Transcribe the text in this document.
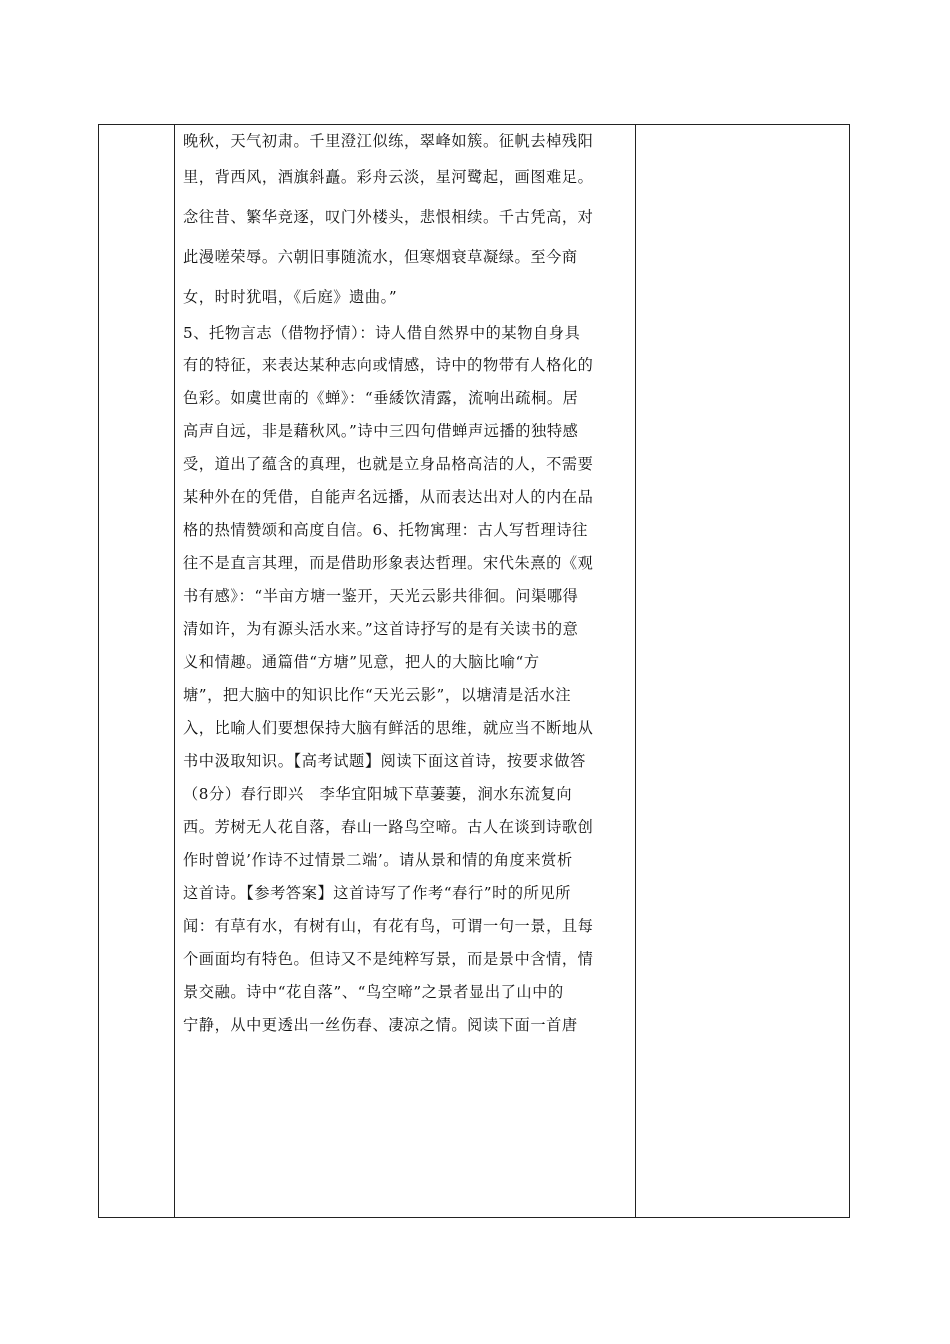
晚秋，天气初肃。千里澄江似练，翠峰如簇。征帆去棹残阳
里，背西风，酒旗斜矗。彩舟云淡，星河鹭起，画图难足。
念往昔、繁华竞逐，叹门外楼头，悲恨相续。千古凭高，对
此漫嗟荣辱。六朝旧事随流水，但寒烟衰草凝绿。至今商
女，时时犹唱，《后庭》遗曲。”
5、托物言志（借物抒情）：诗人借自然界中的某物自身具
有的特征，来表达某种志向或情感，诗中的物带有人格化的
色彩。如虞世南的《蝉》：“垂緌饮清露，流响出疏桐。居
高声自远，非是藉秋风。”诗中三四句借蝉声远播的独特感
受，道出了蕴含的真理，也就是立身品格高洁的人，不需要
某种外在的凭借，自能声名远播，从而表达出对人的内在品
格的热情赞颂和高度自信。6、托物寓理：古人写哲理诗往
往不是直言其理，而是借助形象表达哲理。宋代朱熹的《观
书有感》：“半亩方塘一鉴开，天光云影共徘徊。问渠哪得
清如许，为有源头活水来。”这首诗抒写的是有关读书的意
义和情趣。通篇借“方塘”见意，把人的大脑比喻“方
塘”，把大脑中的知识比作“天光云影”，以塘清是活水注
入，比喻人们要想保持大脑有鲜活的思维，就应当不断地从
书中汲取知识。【高考试题】阅读下面这首诗，按要求做答
（8分）春行即兴　李华宜阳城下草萋萋，涧水东流复向
西。芳树无人花自落，春山一路鸟空啼。古人在谈到诗歌创
作时曾说’作诗不过情景二端’。请从景和情的角度来赏析
这首诗。【参考答案】这首诗写了作考“春行”时的所见所
闻：有草有水，有树有山，有花有鸟，可谓一句一景，且每
个画面均有特色。但诗又不是纯粹写景，而是景中含情，情
景交融。诗中“花自落”、“鸟空啼”之景者显出了山中的
宁静，从中更透出一丝伤春、凄凉之情。阅读下面一首唐
